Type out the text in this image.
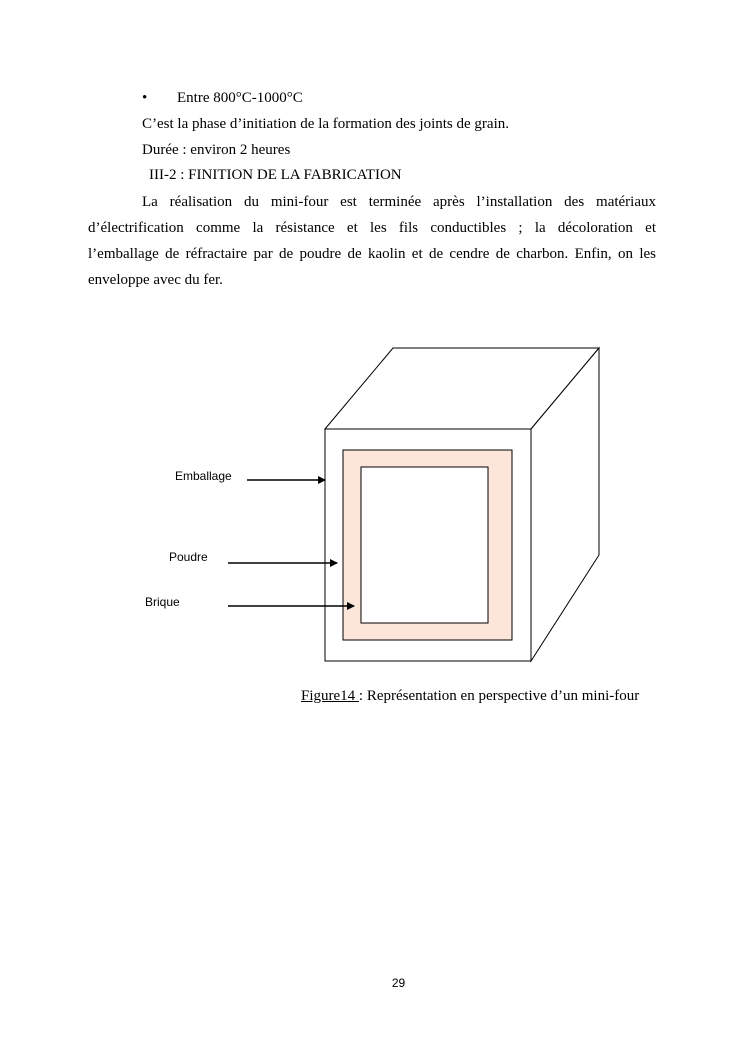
• Entre 800°C-1000°C
C’est la phase d’initiation de la formation des joints de grain.
Durée : environ 2 heures
III-2 : FINITION DE LA FABRICATION
La réalisation du mini-four est terminée après l’installation des matériaux
d’électrification comme la résistance et les fils conductibles ; la décoloration et
l’emballage de réfractaire par de poudre de kaolin et de cendre de charbon. Enfin, on les
enveloppe avec du fer.
Emballage
Poudre
Brique
Figure14 : Représentation en perspective d’un mini-four
29
